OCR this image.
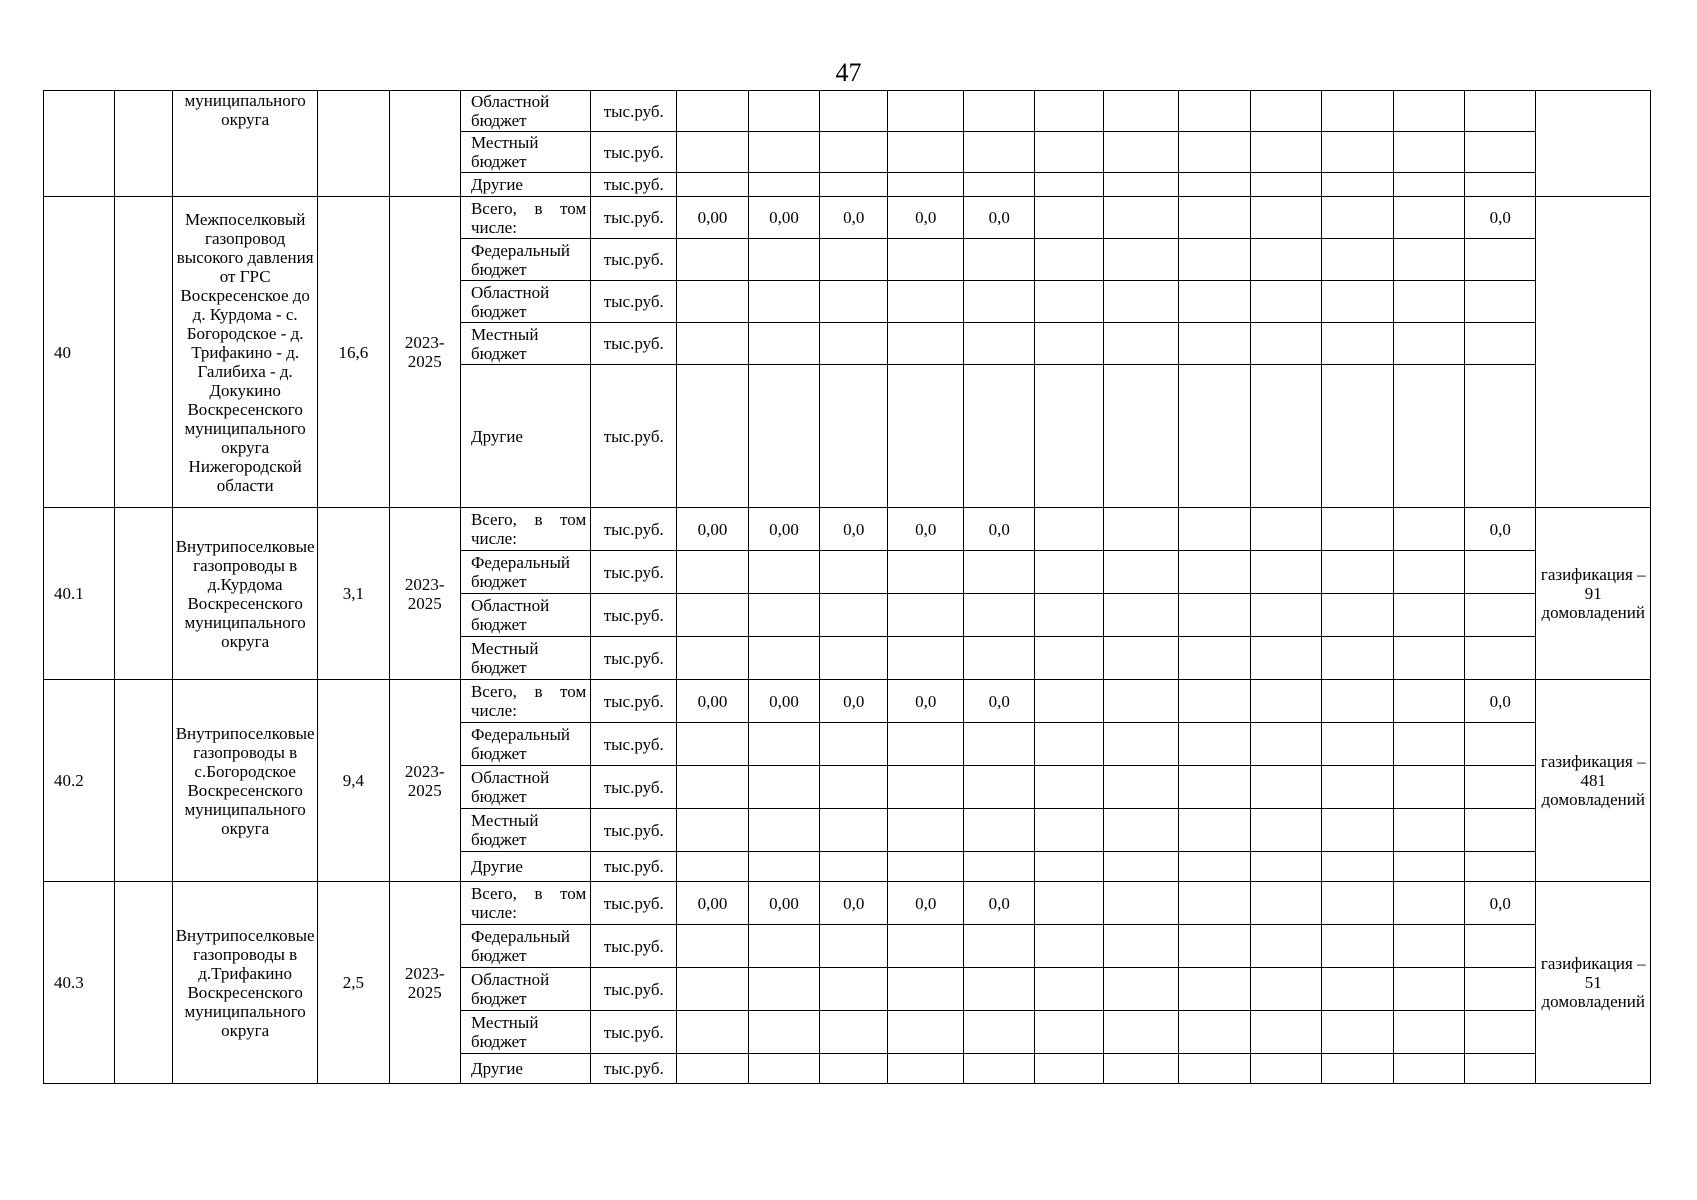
47
		муниципального округа			Областной бюджет	тыс.руб.													
					Местный бюджет	тыс.руб.													
					Другие	тыс.руб.													
40		Межпоселковый газопровод высокого давления от ГРС Воскресенское до д. Курдома - с. Богородское - д. Трифакино - д. Галибиха - д. Докукино Воскресенского муниципального округа Нижегородской области	16,6	2023-2025	Всего, в том числе:	тыс.руб.	0,00	0,00	0,0	0,0	0,0							0,0	
					Федеральный бюджет	тыс.руб.													
					Областной бюджет	тыс.руб.													
					Местный бюджет	тыс.руб.													
					Другие	тыс.руб.													
40.1		Внутрипоселковые газопроводы в д.Курдома Воскресенского муниципального округа	3,1	2023-2025	Всего, в том числе:	тыс.руб.	0,00	0,00	0,0	0,0	0,0							0,0	газификация – 91 домовладений
					Федеральный бюджет	тыс.руб.													
					Областной бюджет	тыс.руб.													
					Местный бюджет	тыс.руб.													
40.2		Внутрипоселковые газопроводы в с.Богородское Воскресенского муниципального округа	9,4	2023-2025	Всего, в том числе:	тыс.руб.	0,00	0,00	0,0	0,0	0,0							0,0	газификация – 481 домовладений
					Федеральный бюджет	тыс.руб.													
					Областной бюджет	тыс.руб.													
					Местный бюджет	тыс.руб.													
					Другие	тыс.руб.													
40.3		Внутрипоселковые газопроводы в д.Трифакино Воскресенского муниципального округа	2,5	2023-2025	Всего, в том числе:	тыс.руб.	0,00	0,00	0,0	0,0	0,0							0,0	газификация – 51 домовладений
					Федеральный бюджет	тыс.руб.													
					Областной бюджет	тыс.руб.													
					Местный бюджет	тыс.руб.													
					Другие	тыс.руб.													
